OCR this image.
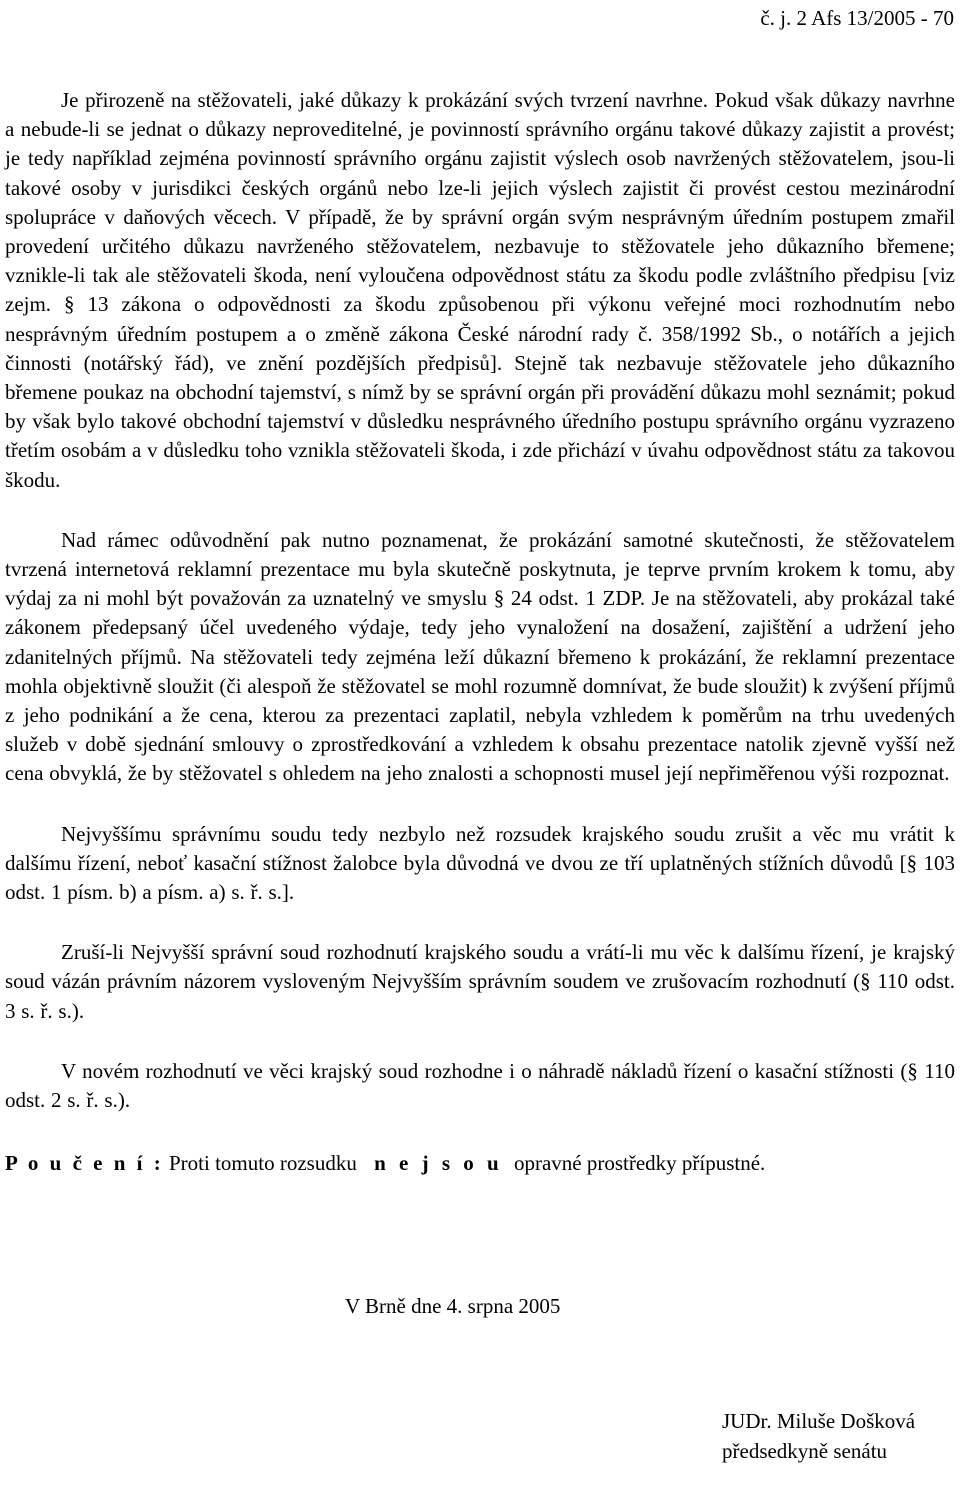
č. j. 2 Afs 13/2005 - 70

Je přirozeně na stěžovateli, jaké důkazy k prokázání svých tvrzení navrhne. Pokud však důkazy navrhne a nebude-li se jednat o důkazy neproveditelné, je povinností správního orgánu takové důkazy zajistit a provést; je tedy například zejména povinností správního orgánu zajistit výslech osob navržených stěžovatelem, jsou-li takové osoby v jurisdikci českých orgánů nebo lze-li jejich výslech zajistit či provést cestou mezinárodní spolupráce v daňových věcech. V případě, že by správní orgán svým nesprávným úředním postupem zmařil provedení určitého důkazu navrženého stěžovatelem, nezbavuje to stěžovatele jeho důkazního břemene; vznikle-li tak ale stěžovateli škoda, není vyloučena odpovědnost státu za škodu podle zvláštního předpisu [viz zejm. § 13 zákona o odpovědnosti za škodu způsobenou při výkonu veřejné moci rozhodnutím nebo nesprávným úředním postupem a o změně zákona České národní rady č. 358/1992 Sb., o notářích a jejich činnosti (notářský řád), ve znění pozdějších předpisů]. Stejně tak nezbavuje stěžovatele jeho důkazního břemene poukaz na obchodní tajemství, s nímž by se správní orgán při provádění důkazu mohl seznámit; pokud by však bylo takové obchodní tajemství v důsledku nesprávného úředního postupu správního orgánu vyzrazeno třetím osobám a v důsledku toho vznikla stěžovateli škoda, i zde přichází v úvahu odpovědnost státu za takovou škodu.

Nad rámec odůvodnění pak nutno poznamenat, že prokázání samotné skutečnosti, že stěžovatelem tvrzená internetová reklamní prezentace mu byla skutečně poskytnuta, je teprve prvním krokem k tomu, aby výdaj za ni mohl být považován za uznatelný ve smyslu § 24 odst. 1 ZDP. Je na stěžovateli, aby prokázal také zákonem předepsaný účel uvedeného výdaje, tedy jeho vynaložení na dosažení, zajištění a udržení jeho zdanitelných příjmů. Na stěžovateli tedy zejména leží důkazní břemeno k prokázání, že reklamní prezentace mohla objektivně sloužit (či alespoň že stěžovatel se mohl rozumně domnívat, že bude sloužit) k zvýšení příjmů z jeho podnikání a že cena, kterou za prezentaci zaplatil, nebyla vzhledem k poměrům na trhu uvedených služeb v době sjednání smlouvy o zprostředkování a vzhledem k obsahu prezentace natolik zjevně vyšší než cena obvyklá, že by stěžovatel s ohledem na jeho znalosti a schopnosti musel její nepřiměřenou výši rozpoznat.

Nejvyššímu správnímu soudu tedy nezbylo než rozsudek krajského soudu zrušit a věc mu vrátit k dalšímu řízení, neboť kasační stížnost žalobce byla důvodná ve dvou ze tří uplatněných stížních důvodů [§ 103 odst. 1 písm. b) a písm. a) s. ř. s.].

Zruší-li Nejvyšší správní soud rozhodnutí krajského soudu a vrátí-li mu věc k dalšímu řízení, je krajský soud vázán právním názorem vysloveným Nejvyšším správním soudem ve zrušovacím rozhodnutí (§ 110 odst. 3 s. ř. s.).

V novém rozhodnutí ve věci krajský soud rozhodne i o náhradě nákladů řízení o kasační stížnosti (§ 110 odst. 2 s. ř. s.).

P o u č e n í : Proti tomuto rozsudku n e j s o u opravné prostředky přípustné.
V Brně dne 4. srpna 2005
JUDr. Miluše Došková
předsedkyně senátu
